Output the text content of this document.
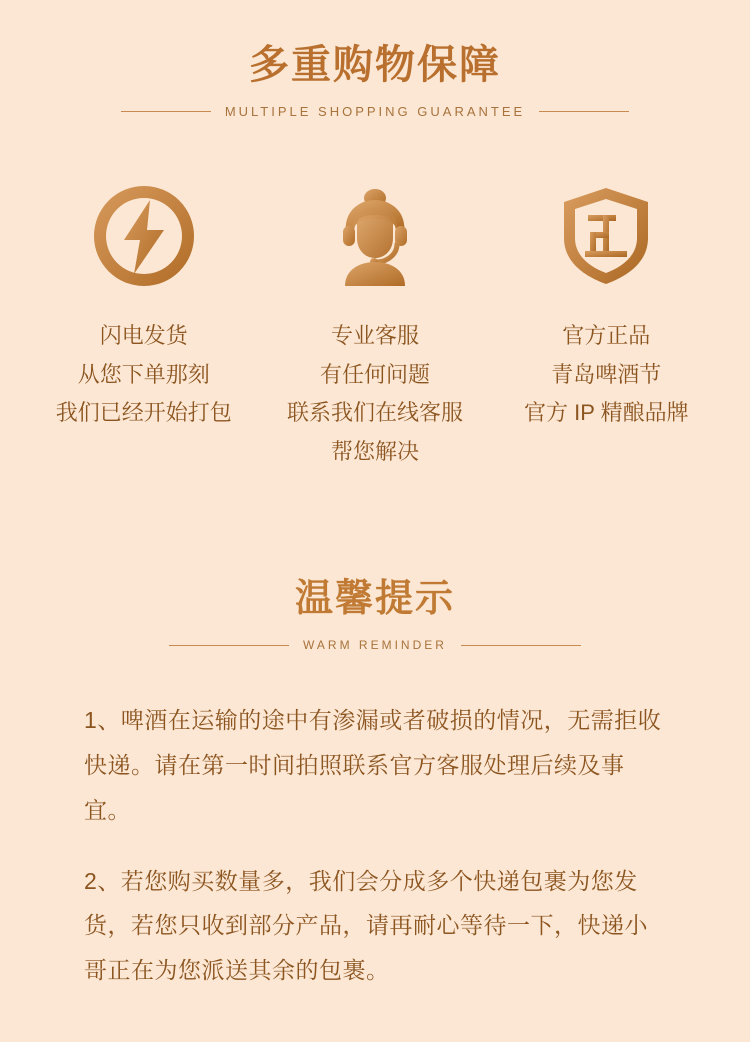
多重购物保障
MULTIPLE SHOPPING GUARANTEE
闪电发货
从您下单那刻
我们已经开始打包
专业客服
有任何问题
联系我们在线客服
帮您解决
官方正品
青岛啤酒节
官方 IP 精酿品牌
温馨提示
WARM REMINDER

1、啤酒在运输的途中有渗漏或者破损的情况，无需拒收快递。请在第一时间拍照联系官方客服处理后续及事宜。

2、若您购买数量多，我们会分成多个快递包裹为您发货，若您只收到部分产品，请再耐心等待一下，快递小哥正在为您派送其余的包裹。
